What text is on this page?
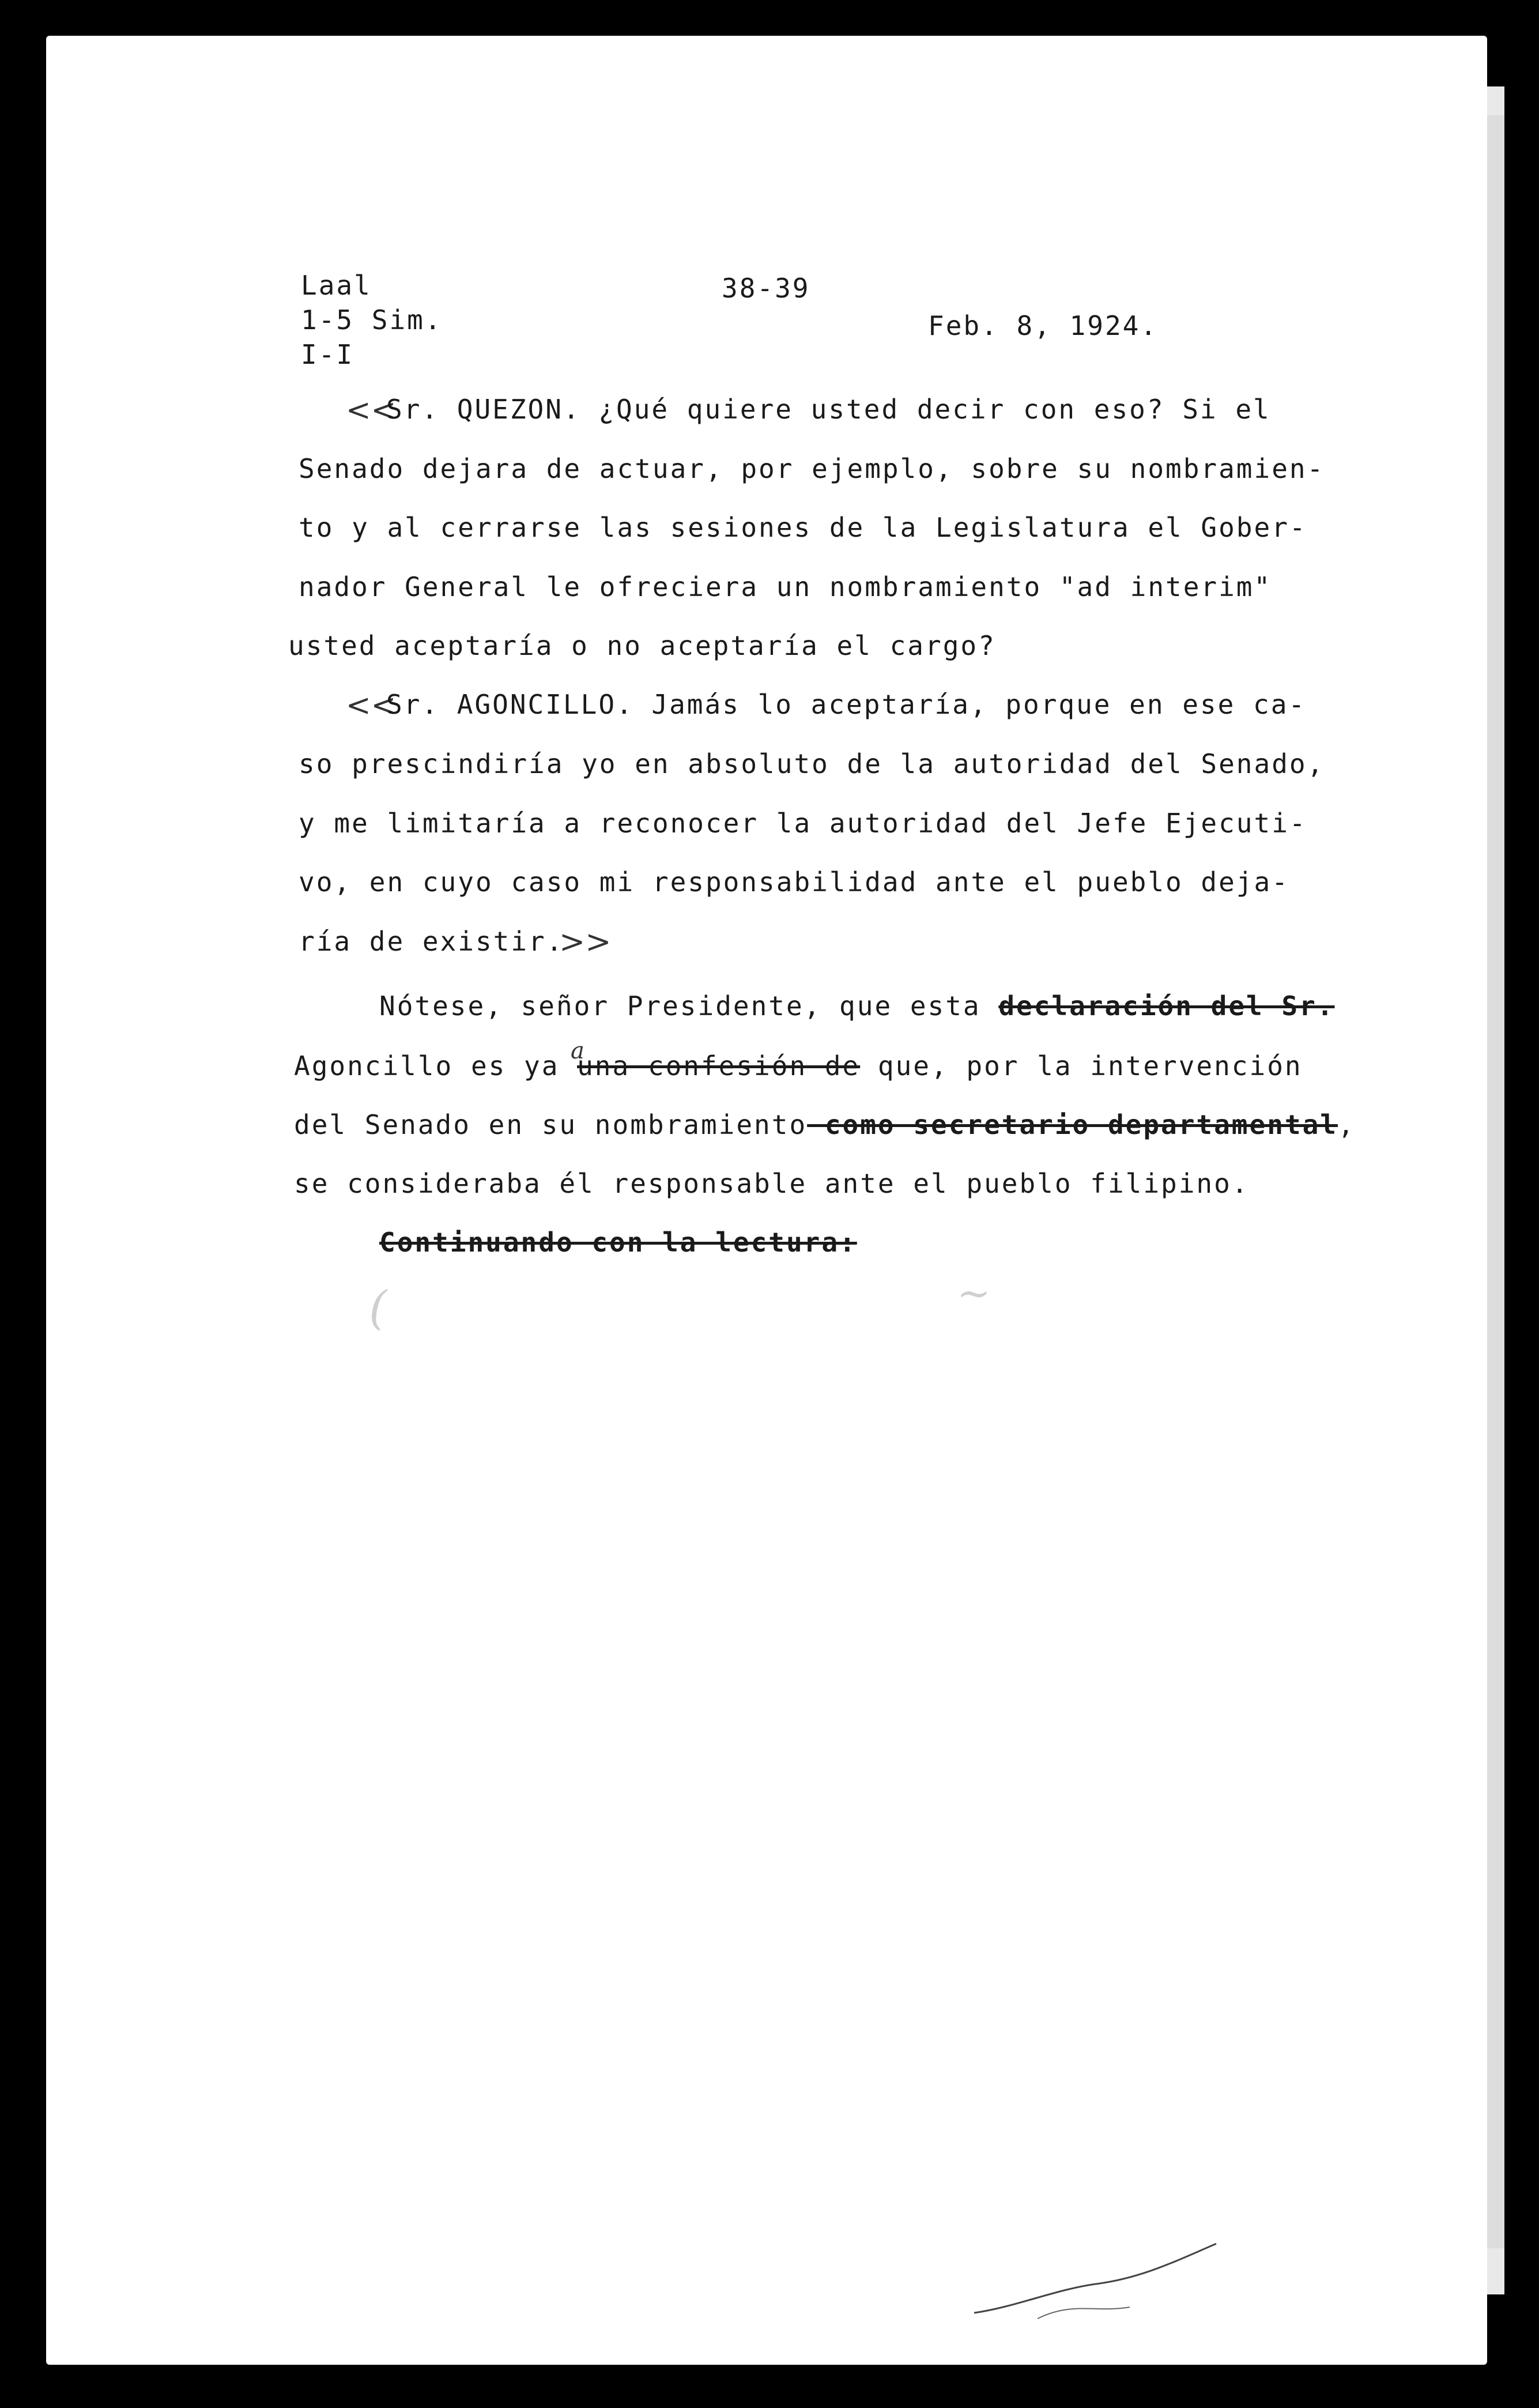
Laal
1-5 Sim.
I-I
38-39
Feb. 8, 1924.
<<
Sr. QUEZON. ¿Qué quiere usted decir con eso? Si el
Senado dejara de actuar, por ejemplo, sobre su nombramien-
to y al cerrarse las sesiones de la Legislatura el Gober-
nador General le ofreciera un nombramiento "ad interim"
usted aceptaría o no aceptaría el cargo?
<<
Sr. AGONCILLO. Jamás lo aceptaría, porque en ese ca-
so prescindiría yo en absoluto de la autoridad del Senado,
y me limitaría a reconocer la autoridad del Jefe Ejecuti-
vo, en cuyo caso mi responsabilidad ante el pueblo deja-
ría de existir.
>>
Nótese, señor Presidente, que esta declaración del Sr.
a
Agoncillo es ya una confesión de que, por la intervención
del Senado en su nombramiento como secretario departamental,
se consideraba él responsable ante el pueblo filipino.
Continuando con la lectura:
(	~
